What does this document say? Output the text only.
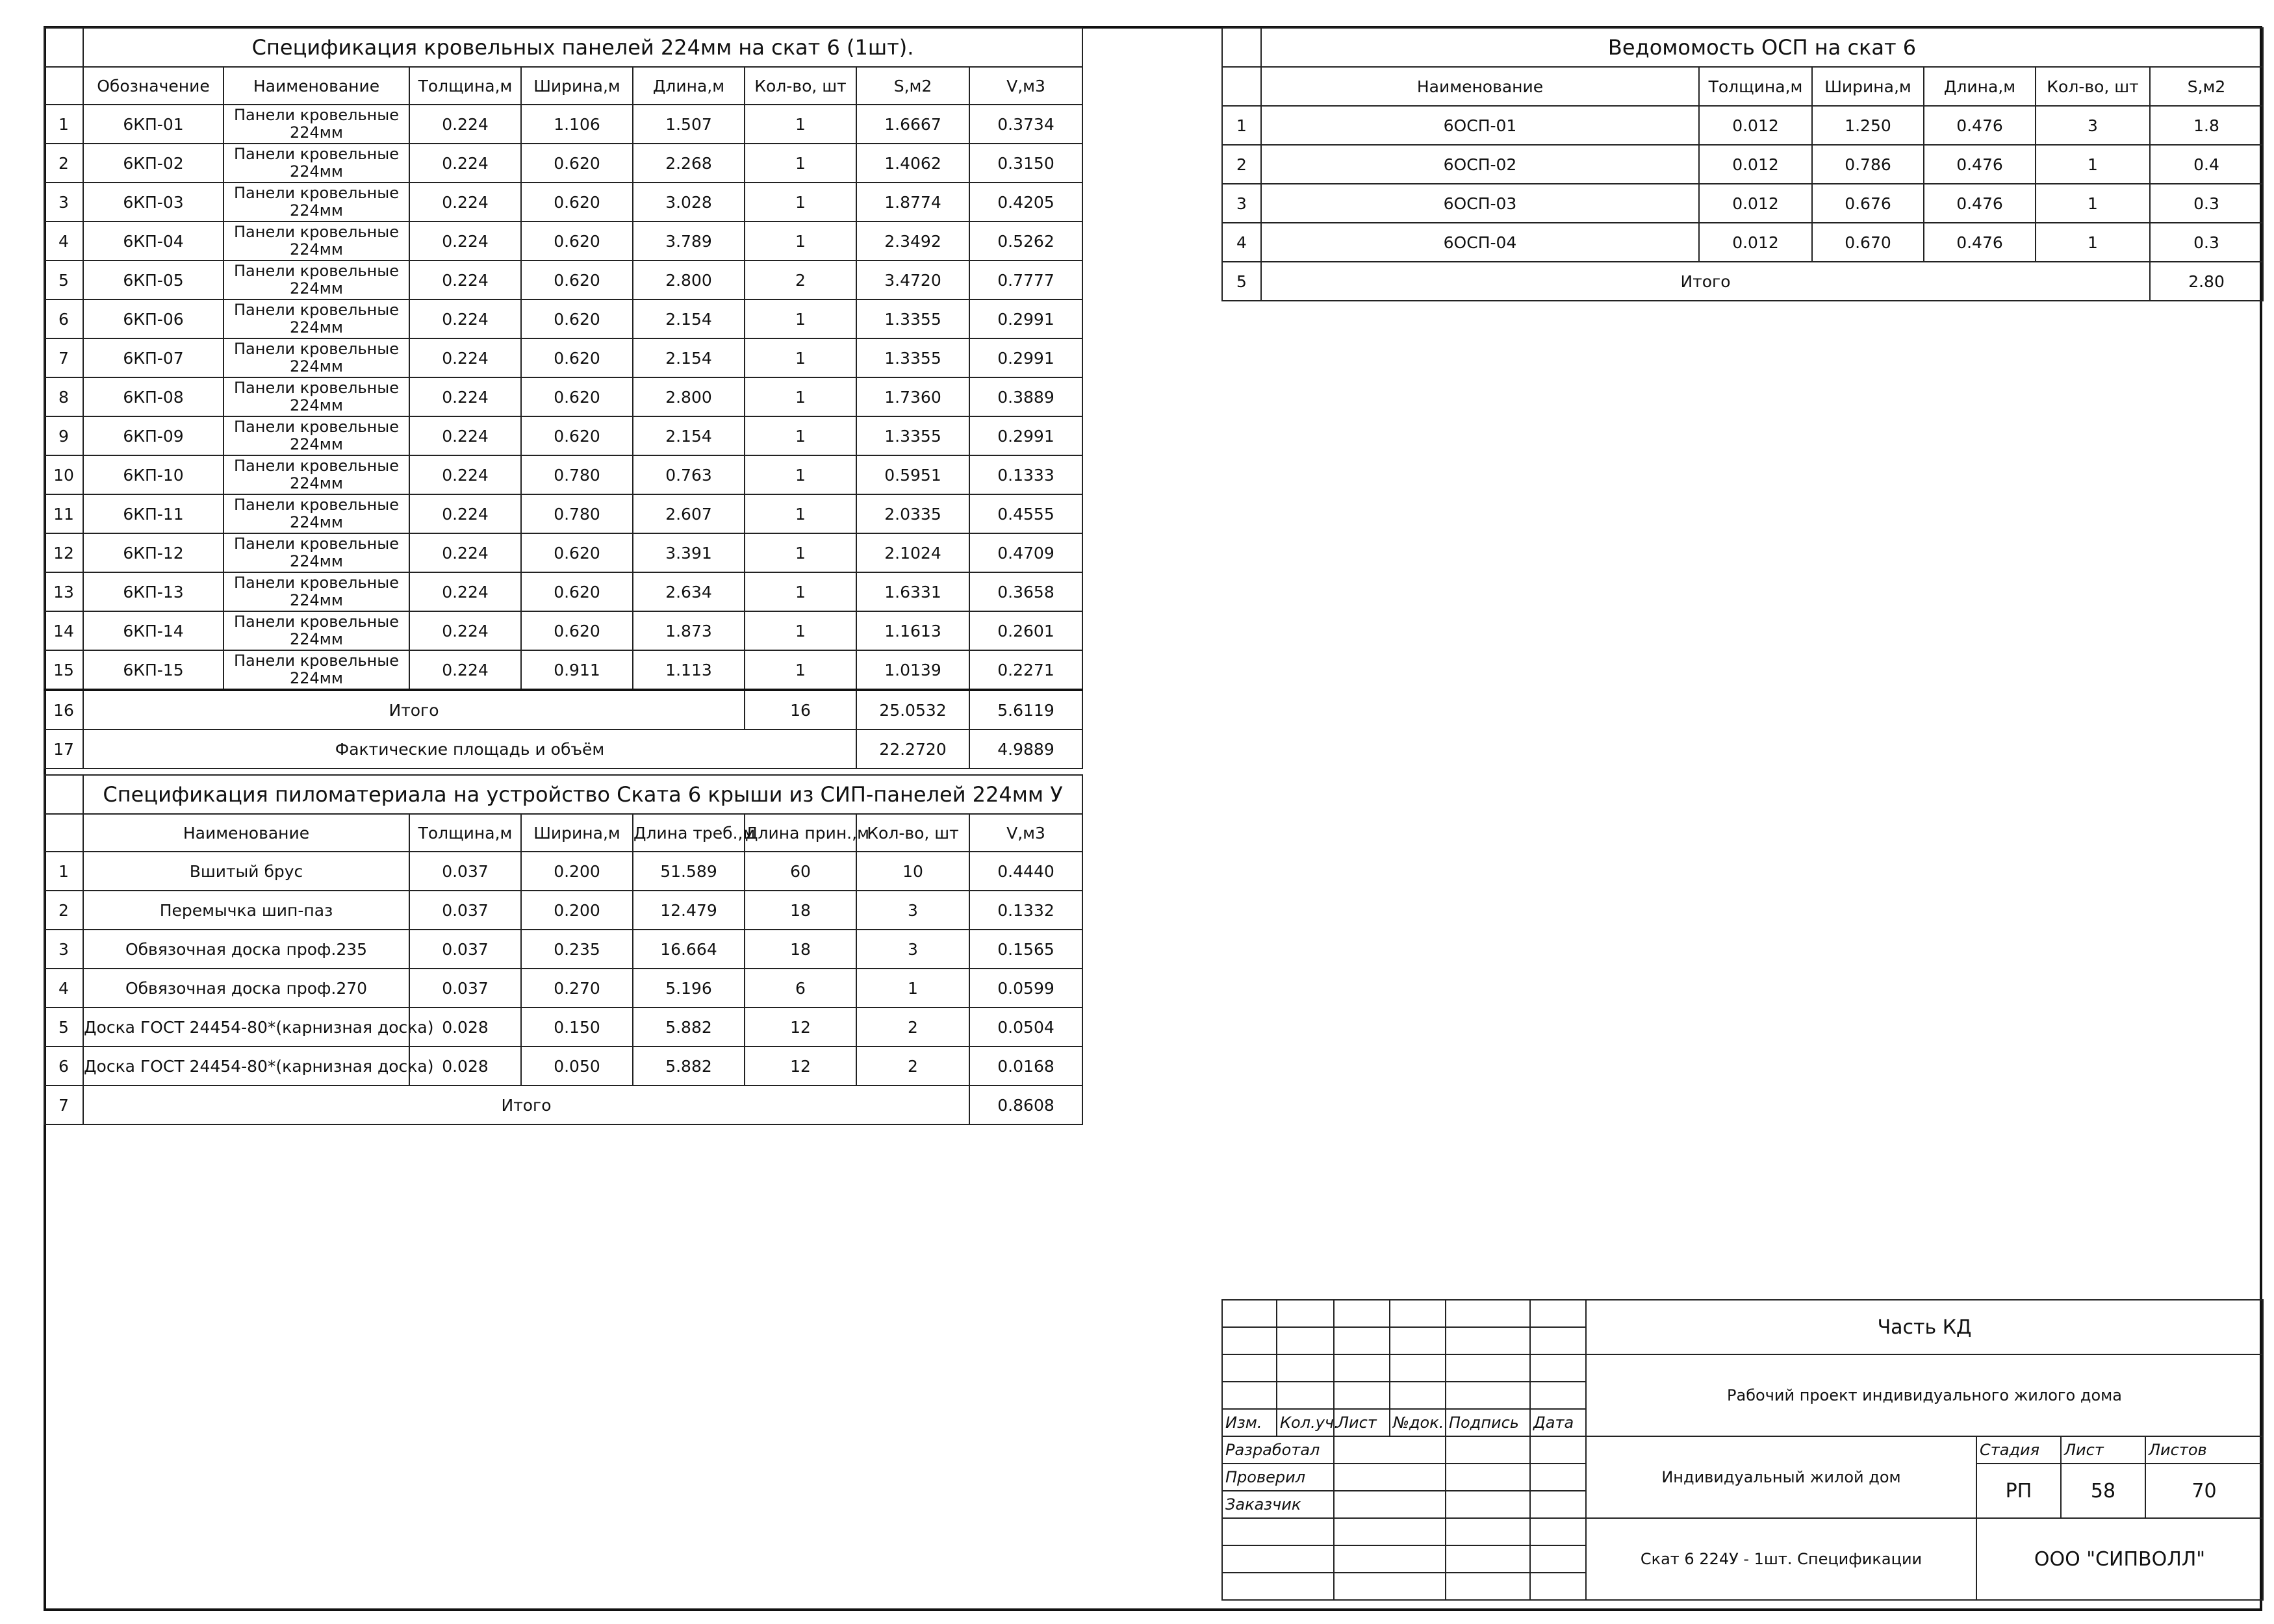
	Спецификация кровельных панелей 224мм на скат 6 (1шт).							
	Обозначение	Наименование	Толщина,м	Ширина,м	Длина,м	Кол-во, шт	S,м2	V,м3
1	6КП-01	Панели кровельные 224мм	0.224	1.106	1.507	1	1.6667	0.3734
2	6КП-02	Панели кровельные 224мм	0.224	0.620	2.268	1	1.4062	0.3150
3	6КП-03	Панели кровельные 224мм	0.224	0.620	3.028	1	1.8774	0.4205
4	6КП-04	Панели кровельные 224мм	0.224	0.620	3.789	1	2.3492	0.5262
5	6КП-05	Панели кровельные 224мм	0.224	0.620	2.800	2	3.4720	0.7777
6	6КП-06	Панели кровельные 224мм	0.224	0.620	2.154	1	1.3355	0.2991
7	6КП-07	Панели кровельные 224мм	0.224	0.620	2.154	1	1.3355	0.2991
8	6КП-08	Панели кровельные 224мм	0.224	0.620	2.800	1	1.7360	0.3889
9	6КП-09	Панели кровельные 224мм	0.224	0.620	2.154	1	1.3355	0.2991
10	6КП-10	Панели кровельные 224мм	0.224	0.780	0.763	1	0.5951	0.1333
11	6КП-11	Панели кровельные 224мм	0.224	0.780	2.607	1	2.0335	0.4555
12	6КП-12	Панели кровельные 224мм	0.224	0.620	3.391	1	2.1024	0.4709
13	6КП-13	Панели кровельные 224мм	0.224	0.620	2.634	1	1.6331	0.3658
14	6КП-14	Панели кровельные 224мм	0.224	0.620	1.873	1	1.1613	0.2601
15	6КП-15	Панели кровельные 224мм	0.224	0.911	1.113	1	1.0139	0.2271
16	Итого					16	25.0532	5.6119
17	Фактические площадь и объём						22.2720	4.9889
	Спецификация пиломатериала на устройство Ската 6 крыши из СИП-панелей 224мм У						
	Наименование	Толщина,м	Ширина,м	Длина треб.,м	Длина прин.,м	Кол-во, шт	V,м3
1	Вшитый брус	0.037	0.200	51.589	60	10	0.4440
2	Перемычка шип-паз	0.037	0.200	12.479	18	3	0.1332
3	Обвязочная доска проф.235	0.037	0.235	16.664	18	3	0.1565
4	Обвязочная доска проф.270	0.037	0.270	5.196	6	1	0.0599
5	Доска ГОСТ 24454-80*(карнизная доска)	0.028	0.150	5.882	12	2	0.0504
6	Доска ГОСТ 24454-80*(карнизная доска)	0.028	0.050	5.882	12	2	0.0168
7	Итого						0.8608
	Ведомомость ОСП на скат 6					
	Наименование	Толщина,м	Ширина,м	Длина,м	Кол-во, шт	S,м2
1	6ОСП-01	0.012	1.250	0.476	3	1.8
2	6ОСП-02	0.012	0.786	0.476	1	0.4
3	6ОСП-03	0.012	0.676	0.476	1	0.3
4	6ОСП-04	0.012	0.670	0.476	1	0.3
5	Итого					2.80
						Часть КД			

						Рабочий проект индивидуального жилого дома			

Изм.	Кол.уч.	Лист	№док.	Подпись	Дата				
Разработал						Индивидуальный жилой дом	Стадия	Лист	Листов
Проверил							РП	58	70
Заказчик									
						Скат 6 224У - 1шт. Спецификации	ООО "СИПВОЛЛ"		
